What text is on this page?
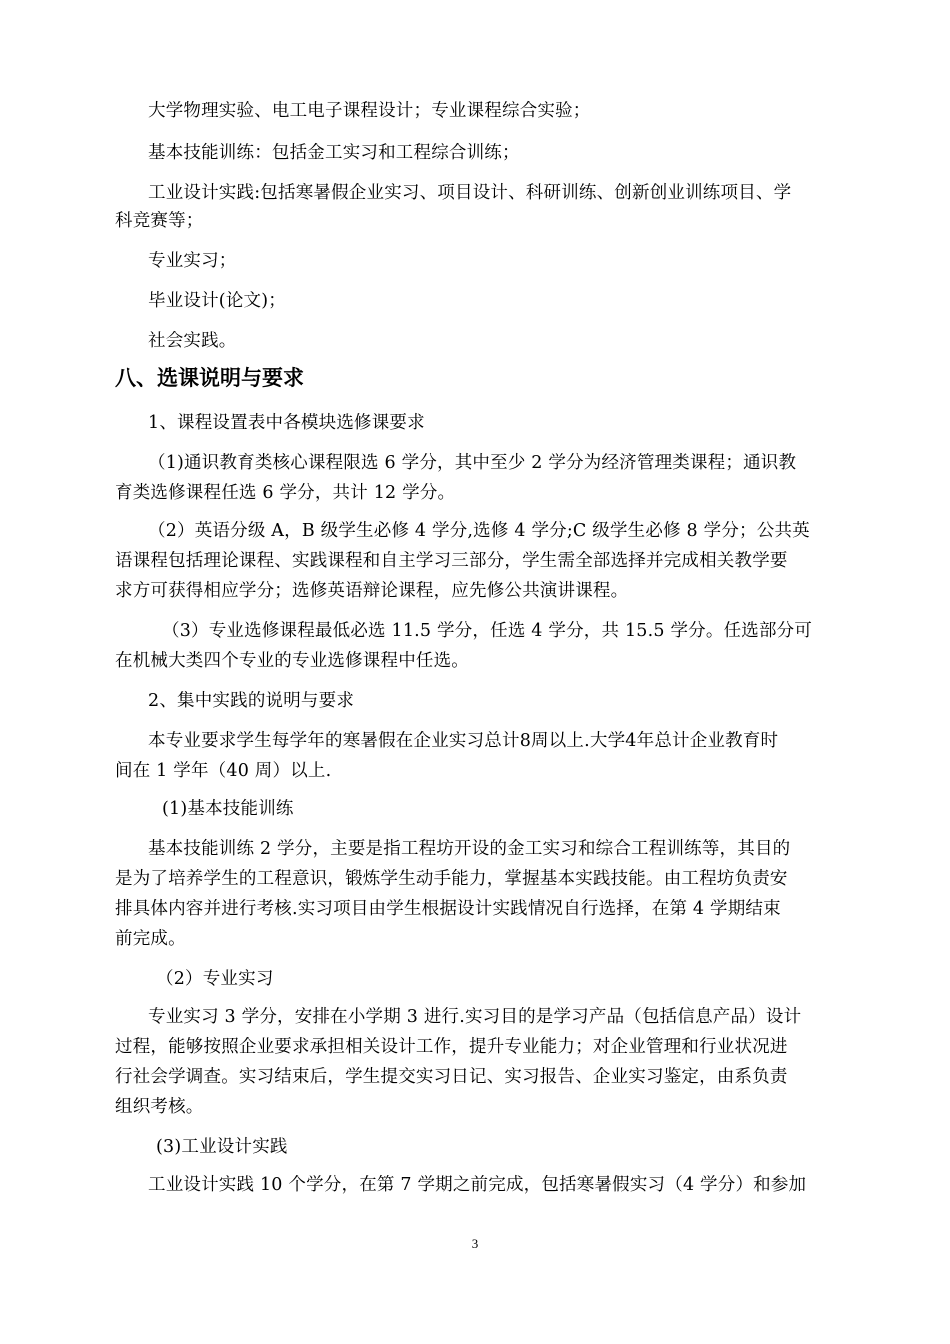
大学物理实验、电工电子课程设计；专业课程综合实验；
基本技能训练：包括金工实习和工程综合训练；
工业设计实践:包括寒暑假企业实习、项目设计、科研训练、创新创业训练项目、学
科竞赛等；
专业实习；
毕业设计(论文)；
社会实践。
八、选课说明与要求
1、课程设置表中各模块选修课要求
（1)通识教育类核心课程限选 6 学分，其中至少 2 学分为经济管理类课程；通识教
育类选修课程任选 6 学分，共计 12 学分。
（2）英语分级 A，B 级学生必修 4 学分,选修 4 学分;C 级学生必修 8 学分；公共英
语课程包括理论课程、实践课程和自主学习三部分，学生需全部选择并完成相关教学要
求方可获得相应学分；选修英语辩论课程，应先修公共演讲课程。
（3）专业选修课程最低必选 11.5 学分，任选 4 学分，共 15.5 学分。任选部分可
在机械大类四个专业的专业选修课程中任选。
2、集中实践的说明与要求
本专业要求学生每学年的寒暑假在企业实习总计8周以上.大学4年总计企业教育时
间在 1 学年（40 周）以上.
(1)基本技能训练
基本技能训练 2 学分，主要是指工程坊开设的金工实习和综合工程训练等，其目的
是为了培养学生的工程意识，锻炼学生动手能力，掌握基本实践技能。由工程坊负责安
排具体内容并进行考核.实习项目由学生根据设计实践情况自行选择，在第 4 学期结束
前完成。
（2）专业实习
专业实习 3 学分，安排在小学期 3 进行.实习目的是学习产品（包括信息产品）设计
过程，能够按照企业要求承担相关设计工作，提升专业能力；对企业管理和行业状况进
行社会学调查。实习结束后，学生提交实习日记、实习报告、企业实习鉴定，由系负责
组织考核。
(3)工业设计实践
工业设计实践 10 个学分，在第 7 学期之前完成，包括寒暑假实习（4 学分）和参加
3
